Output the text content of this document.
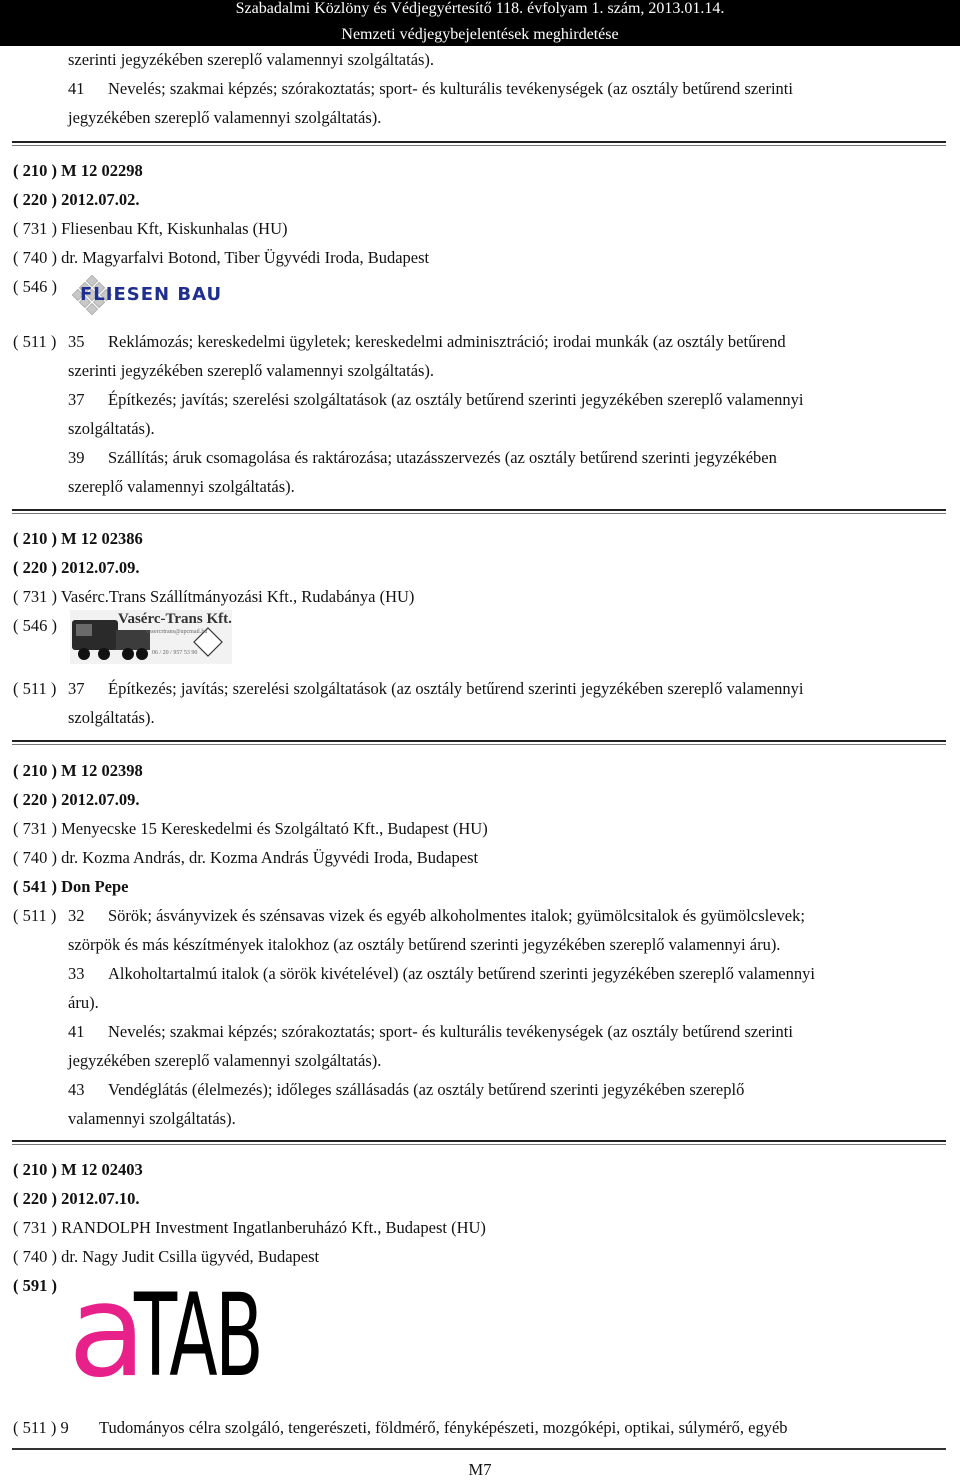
Szabadalmi Közlöny és Védjegyértesítő 118. évfolyam 1. szám, 2013.01.14.
Nemzeti védjegybejelentések meghirdetése
szerinti jegyzékében szereplő valamennyi szolgáltatás).
41 Nevelés; szakmai képzés; szórakoztatás; sport- és kulturális tevékenységek (az osztály betűrend szerinti
jegyzékében szereplő valamennyi szolgáltatás).
( 210 ) M 12 02298
( 220 ) 2012.07.02.
( 731 ) Fliesenbau Kft, Kiskunhalas (HU)
( 740 ) dr. Magyarfalvi Botond, Tiber Ügyvédi Iroda, Budapest
( 546 ) FLIESEN BAU
( 511 ) 35 Reklámozás; kereskedelmi ügyletek; kereskedelmi adminisztráció; irodai munkák (az osztály betűrend
szerinti jegyzékében szereplő valamennyi szolgáltatás).
37 Építkezés; javítás; szerelési szolgáltatások (az osztály betűrend szerinti jegyzékében szereplő valamennyi
szolgáltatás).
39 Szállítás; áruk csomagolása és raktározása; utazásszervezés (az osztály betűrend szerinti jegyzékében
szereplő valamennyi szolgáltatás).
( 210 ) M 12 02386
( 220 ) 2012.07.09.
( 731 ) Vasérc.Trans Szállítmányozási Kft., Rudabánya (HU)
( 546 )	Vasérc-Trans Kft.
vasercrtrans@upcmail.hu
06 / 20 / 957 53 90
( 511 ) 37 Építkezés; javítás; szerelési szolgáltatások (az osztály betűrend szerinti jegyzékében szereplő valamennyi
szolgáltatás).
( 210 ) M 12 02398
( 220 ) 2012.07.09.
( 731 ) Menyecske 15 Kereskedelmi és Szolgáltató Kft., Budapest (HU)
( 740 ) dr. Kozma András, dr. Kozma András Ügyvédi Iroda, Budapest
( 541 ) Don Pepe
( 511 ) 32 Sörök; ásványvizek és szénsavas vizek és egyéb alkoholmentes italok; gyümölcsitalok és gyümölcslevek;
szörpök és más készítmények italokhoz (az osztály betűrend szerinti jegyzékében szereplő valamennyi áru).
33 Alkoholtartalmú italok (a sörök kivételével) (az osztály betűrend szerinti jegyzékében szereplő valamennyi
áru).
41 Nevelés; szakmai képzés; szórakoztatás; sport- és kulturális tevékenységek (az osztály betűrend szerinti
jegyzékében szereplő valamennyi szolgáltatás).
43 Vendéglátás (élelmezés); időleges szállásadás (az osztály betűrend szerinti jegyzékében szereplő
valamennyi szolgáltatás).
( 210 ) M 12 02403
( 220 ) 2012.07.10.
( 731 ) RANDOLPH Investment Ingatlanberuházó Kft., Budapest (HU)
( 740 ) dr. Nagy Judit Csilla ügyvéd, Budapest
( 591 ) a
TAB
( 511 ) 9 Tudományos célra szolgáló, tengerészeti, földmérő, fényképészeti, mozgóképi, optikai, súlymérő, egyéb
M7
